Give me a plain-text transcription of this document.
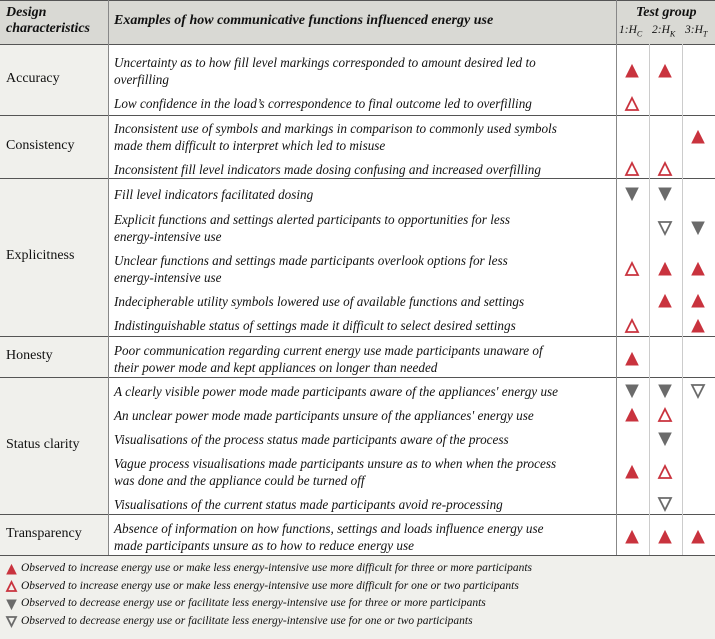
Design
characteristics
Examples of how communicative functions influenced energy use
Test group
$1:H_C$ $2:H_K$ $3:H_T$
Accuracy
Consistency
Explicitness
Honesty
Status clarity
Transparency
Uncertainty as to how fill level markings corresponded to amount desired led to
overfilling
Low confidence in the load’s correspondence to final outcome led to overfilling
Inconsistent use of symbols and markings in comparison to commonly used symbols
made them difficult to interpret which led to misuse
Inconsistent fill level indicators made dosing confusing and increased overfilling
Fill level indicators facilitated dosing
Explicit functions and settings alerted participants to opportunities for less
energy-intensive use
Unclear functions and settings made participants overlook options for less
energy-intensive use
Indecipherable utility symbols lowered use of available functions and settings
Indistinguishable status of settings made it difficult to select desired settings
Poor communication regarding current energy use made participants unaware of
their power mode and kept appliances on longer than needed
A clearly visible power mode made participants aware of the appliances' energy use
An unclear power mode made participants unsure of the appliances' energy use
Visualisations of the process status made participants aware of the process
Vague process visualisations made participants unsure as to when when the process
was done and the appliance could be turned off
Visualisations of the current status made participants avoid re-processing
Absence of information on how functions, settings and loads influence energy use
made participants unsure as to how to reduce energy use
Observed to increase energy use or make less energy-intensive use more difficult for three or more participants
Observed to increase energy use or make less energy-intensive use more difficult for one or two participants
Observed to decrease energy use or facilitate less energy-intensive use for three or more participants
Observed to decrease energy use or facilitate less energy-intensive use for one or two participants
